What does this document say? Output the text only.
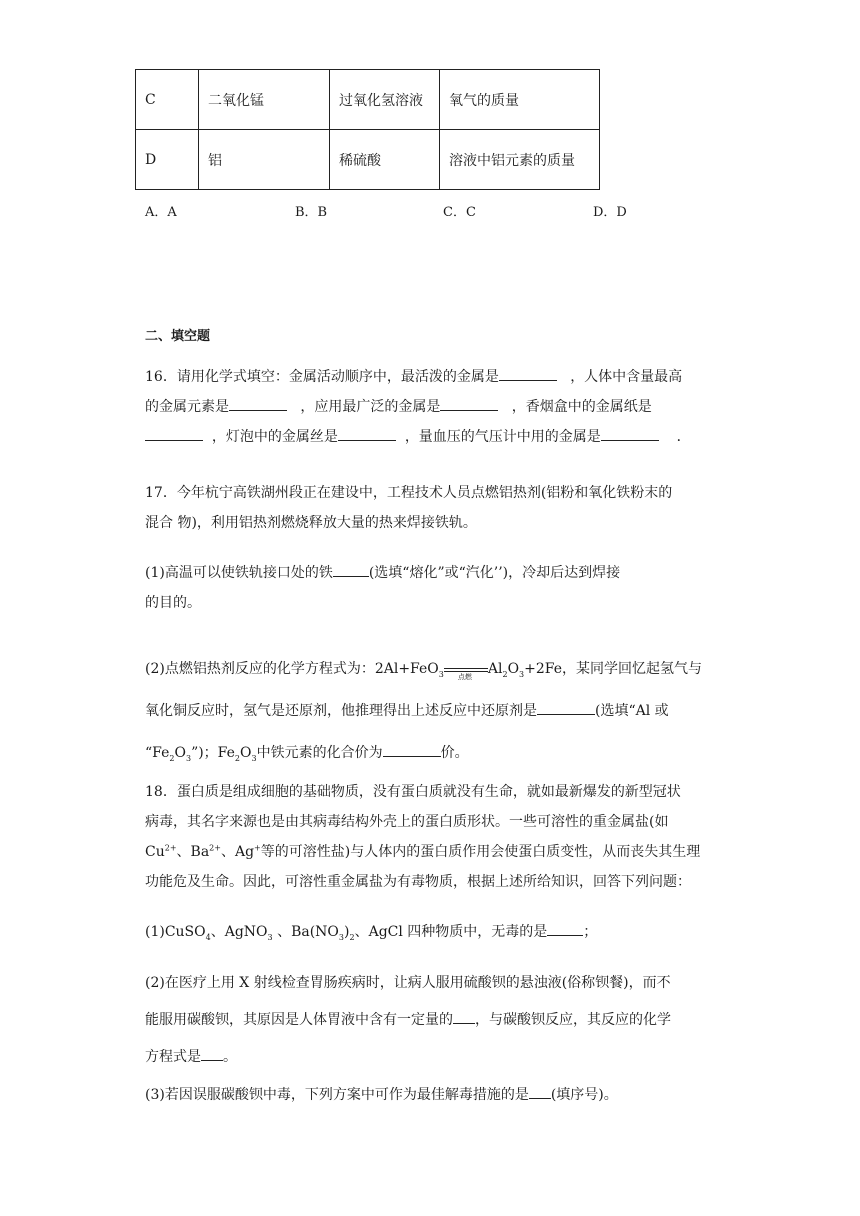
C	二氧化锰	过氧化氢溶液	氧气的质量
D	铝	稀硫酸	溶液中铝元素的质量
A．A	B．B	C．C	D．D
二、填空题
16．请用化学式填空：金属活动顺序中，最活泼的金属是	，人体中含量最高
的金属元素是	，应用最广泛的金属是	，香烟盒中的金属纸是
，灯泡中的金属丝是	，量血压的气压计中用的金属是	．
17．今年杭宁高铁湖州段正在建设中，工程技术人员点燃铝热剂(铝粉和氧化铁粉末的
混合 物)，利用铝热剂燃烧释放大量的热来焊接铁轨。
(1)高温可以使铁轨接口处的铁	(选填“熔化”或“汽化’’)，冷却后达到焊接
的目的。
(2)点燃铝热剂反应的化学方程式为：2Al+FeO$_3$ 点燃 $Al_2O_3+2Fe$，某同学回忆起氢气与
氧化铜反应时，氢气是还原剂，他推理得出上述反应中还原剂是	(选填“Al 或
“$Fe_2O_3$”)；$Fe_2O_3$中铁元素的化合价为	价。
18．蛋白质是组成细胞的基础物质，没有蛋白质就没有生命，就如最新爆发的新型冠状
病毒，其名字来源也是由其病毒结构外壳上的蛋白质形状。一些可溶性的重金属盐(如
$Cu^{2+}$、$Ba^{2+}$、Ag+等的可溶性盐)与人体内的蛋白质作用会使蛋白质变性，从而丧失其生理
功能危及生命。因此，可溶性重金属盐为有毒物质，根据上述所给知识，回答下列问题：
(1)CuSO$_4$、AgNO$_3$ 、$Ba(NO_3)_2$、AgCl 四种物质中，无毒的是	；
(2)在医疗上用 X 射线检查胃肠疾病时，让病人服用硫酸钡的悬浊液(俗称钡餐)，而不
能服用碳酸钡，其原因是人体胃液中含有一定量的 ，与碳酸钡反应，其反应的化学
方程式是 。
(3)若因误服碳酸钡中毒，下列方案中可作为最佳解毒措施的是 (填序号)。
